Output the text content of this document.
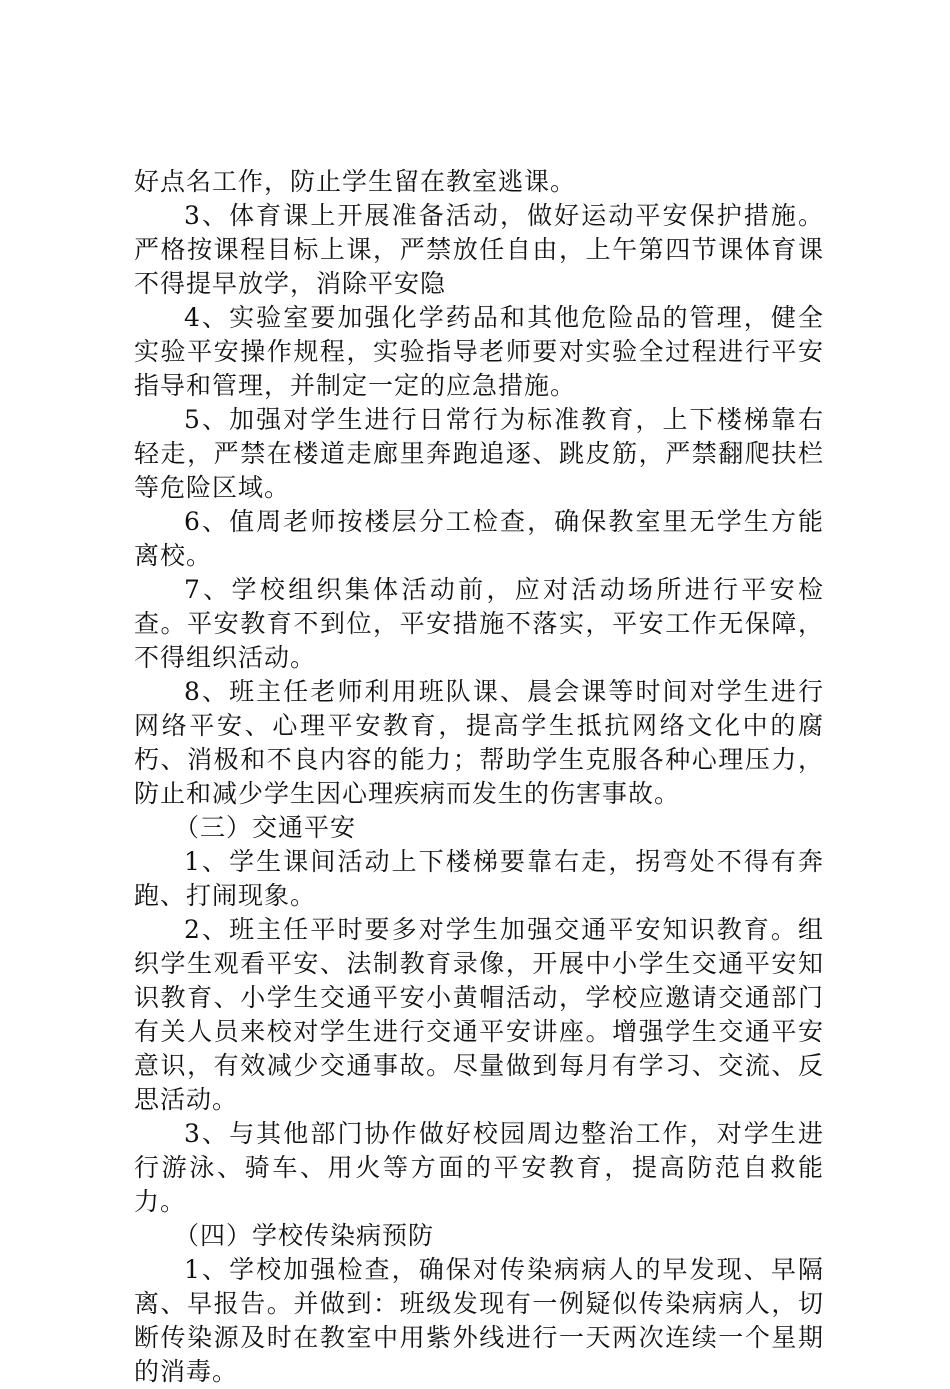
好点名工作，防止学生留在教室逃课。

3、体育课上开展准备活动，做好运动平安保护措施。严格按课程目标上课，严禁放任自由，上午第四节课体育课不得提早放学，消除平安隐

4、实验室要加强化学药品和其他危险品的管理，健全实验平安操作规程，实验指导老师要对实验全过程进行平安指导和管理，并制定一定的应急措施。

5、加强对学生进行日常行为标准教育，上下楼梯靠右轻走，严禁在楼道走廊里奔跑追逐、跳皮筋，严禁翻爬扶栏等危险区域。

6、值周老师按楼层分工检查，确保教室里无学生方能离校。

7、学校组织集体活动前，应对活动场所进行平安检查。平安教育不到位，平安措施不落实，平安工作无保障，不得组织活动。

8、班主任老师利用班队课、晨会课等时间对学生进行网络平安、心理平安教育，提高学生抵抗网络文化中的腐朽、消极和不良内容的能力；帮助学生克服各种心理压力，防止和减少学生因心理疾病而发生的伤害事故。

（三）交通平安

1、学生课间活动上下楼梯要靠右走，拐弯处不得有奔跑、打闹现象。

2、班主任平时要多对学生加强交通平安知识教育。组织学生观看平安、法制教育录像，开展中小学生交通平安知识教育、小学生交通平安小黄帽活动，学校应邀请交通部门有关人员来校对学生进行交通平安讲座。增强学生交通平安意识，有效减少交通事故。尽量做到每月有学习、交流、反思活动。

3、与其他部门协作做好校园周边整治工作，对学生进行游泳、骑车、用火等方面的平安教育，提高防范自救能力。

（四）学校传染病预防

1、学校加强检查，确保对传染病病人的早发现、早隔离、早报告。并做到：班级发现有一例疑似传染病病人，切断传染源及时在教室中用紫外线进行一天两次连续一个星期的消毒。
